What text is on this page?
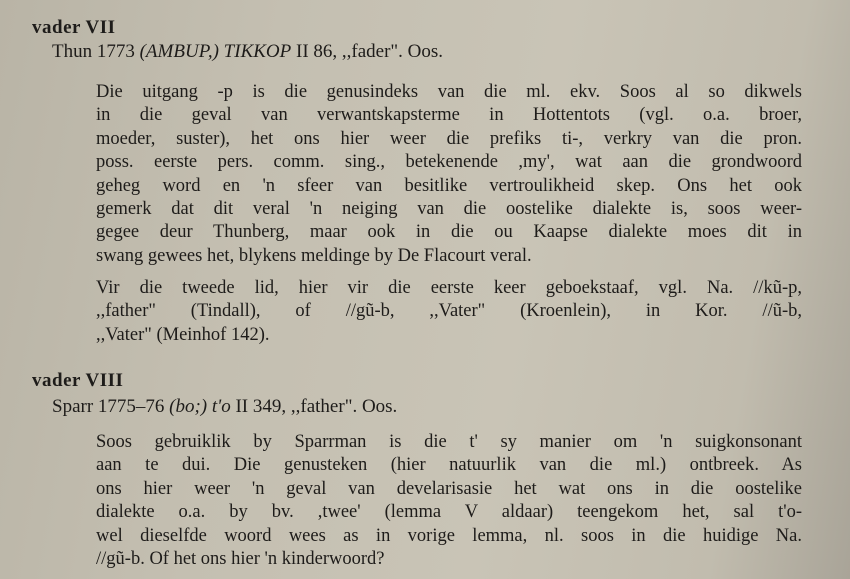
vader VII
Thun 1773 (AMBUP,) TIKKOP II 86, ,,fader". Oos.
Die uitgang -p is die genusindeks van die ml. ekv. Soos al so dikwels
in die geval van verwantskapsterme in Hottentots (vgl. o.a. broer,
moeder, suster), het ons hier weer die prefiks ti-, verkry van die pron.
poss. eerste pers. comm. sing., betekenende ,my', wat aan die grondwoord
geheg word en 'n sfeer van besitlike vertroulikheid skep. Ons het ook
gemerk dat dit veral 'n neiging van die oostelike dialekte is, soos weer-
gegee deur Thunberg, maar ook in die ou Kaapse dialekte moes dit in
swang gewees het, blykens meldinge by De Flacourt veral.
Vir die tweede lid, hier vir die eerste keer geboekstaaf, vgl. Na. //kũ-p,
,,father" (Tindall), of //gũ-b, ,,Vater" (Kroenlein), in Kor. //ũ-b,
,,Vater" (Meinhof 142).
vader VIII
Sparr 1775–76 (bo;) t'o II 349, ,,father". Oos.
Soos gebruiklik by Sparrman is die t' sy manier om 'n suigkonsonant
aan te dui. Die genusteken (hier natuurlik van die ml.) ontbreek. As
ons hier weer 'n geval van develarisasie het wat ons in die oostelike
dialekte o.a. by bv. ,twee' (lemma V aldaar) teengekom het, sal t'o-
wel dieselfde woord wees as in vorige lemma, nl. soos in die huidige Na.
//gũ-b. Of het ons hier 'n kinderwoord?
